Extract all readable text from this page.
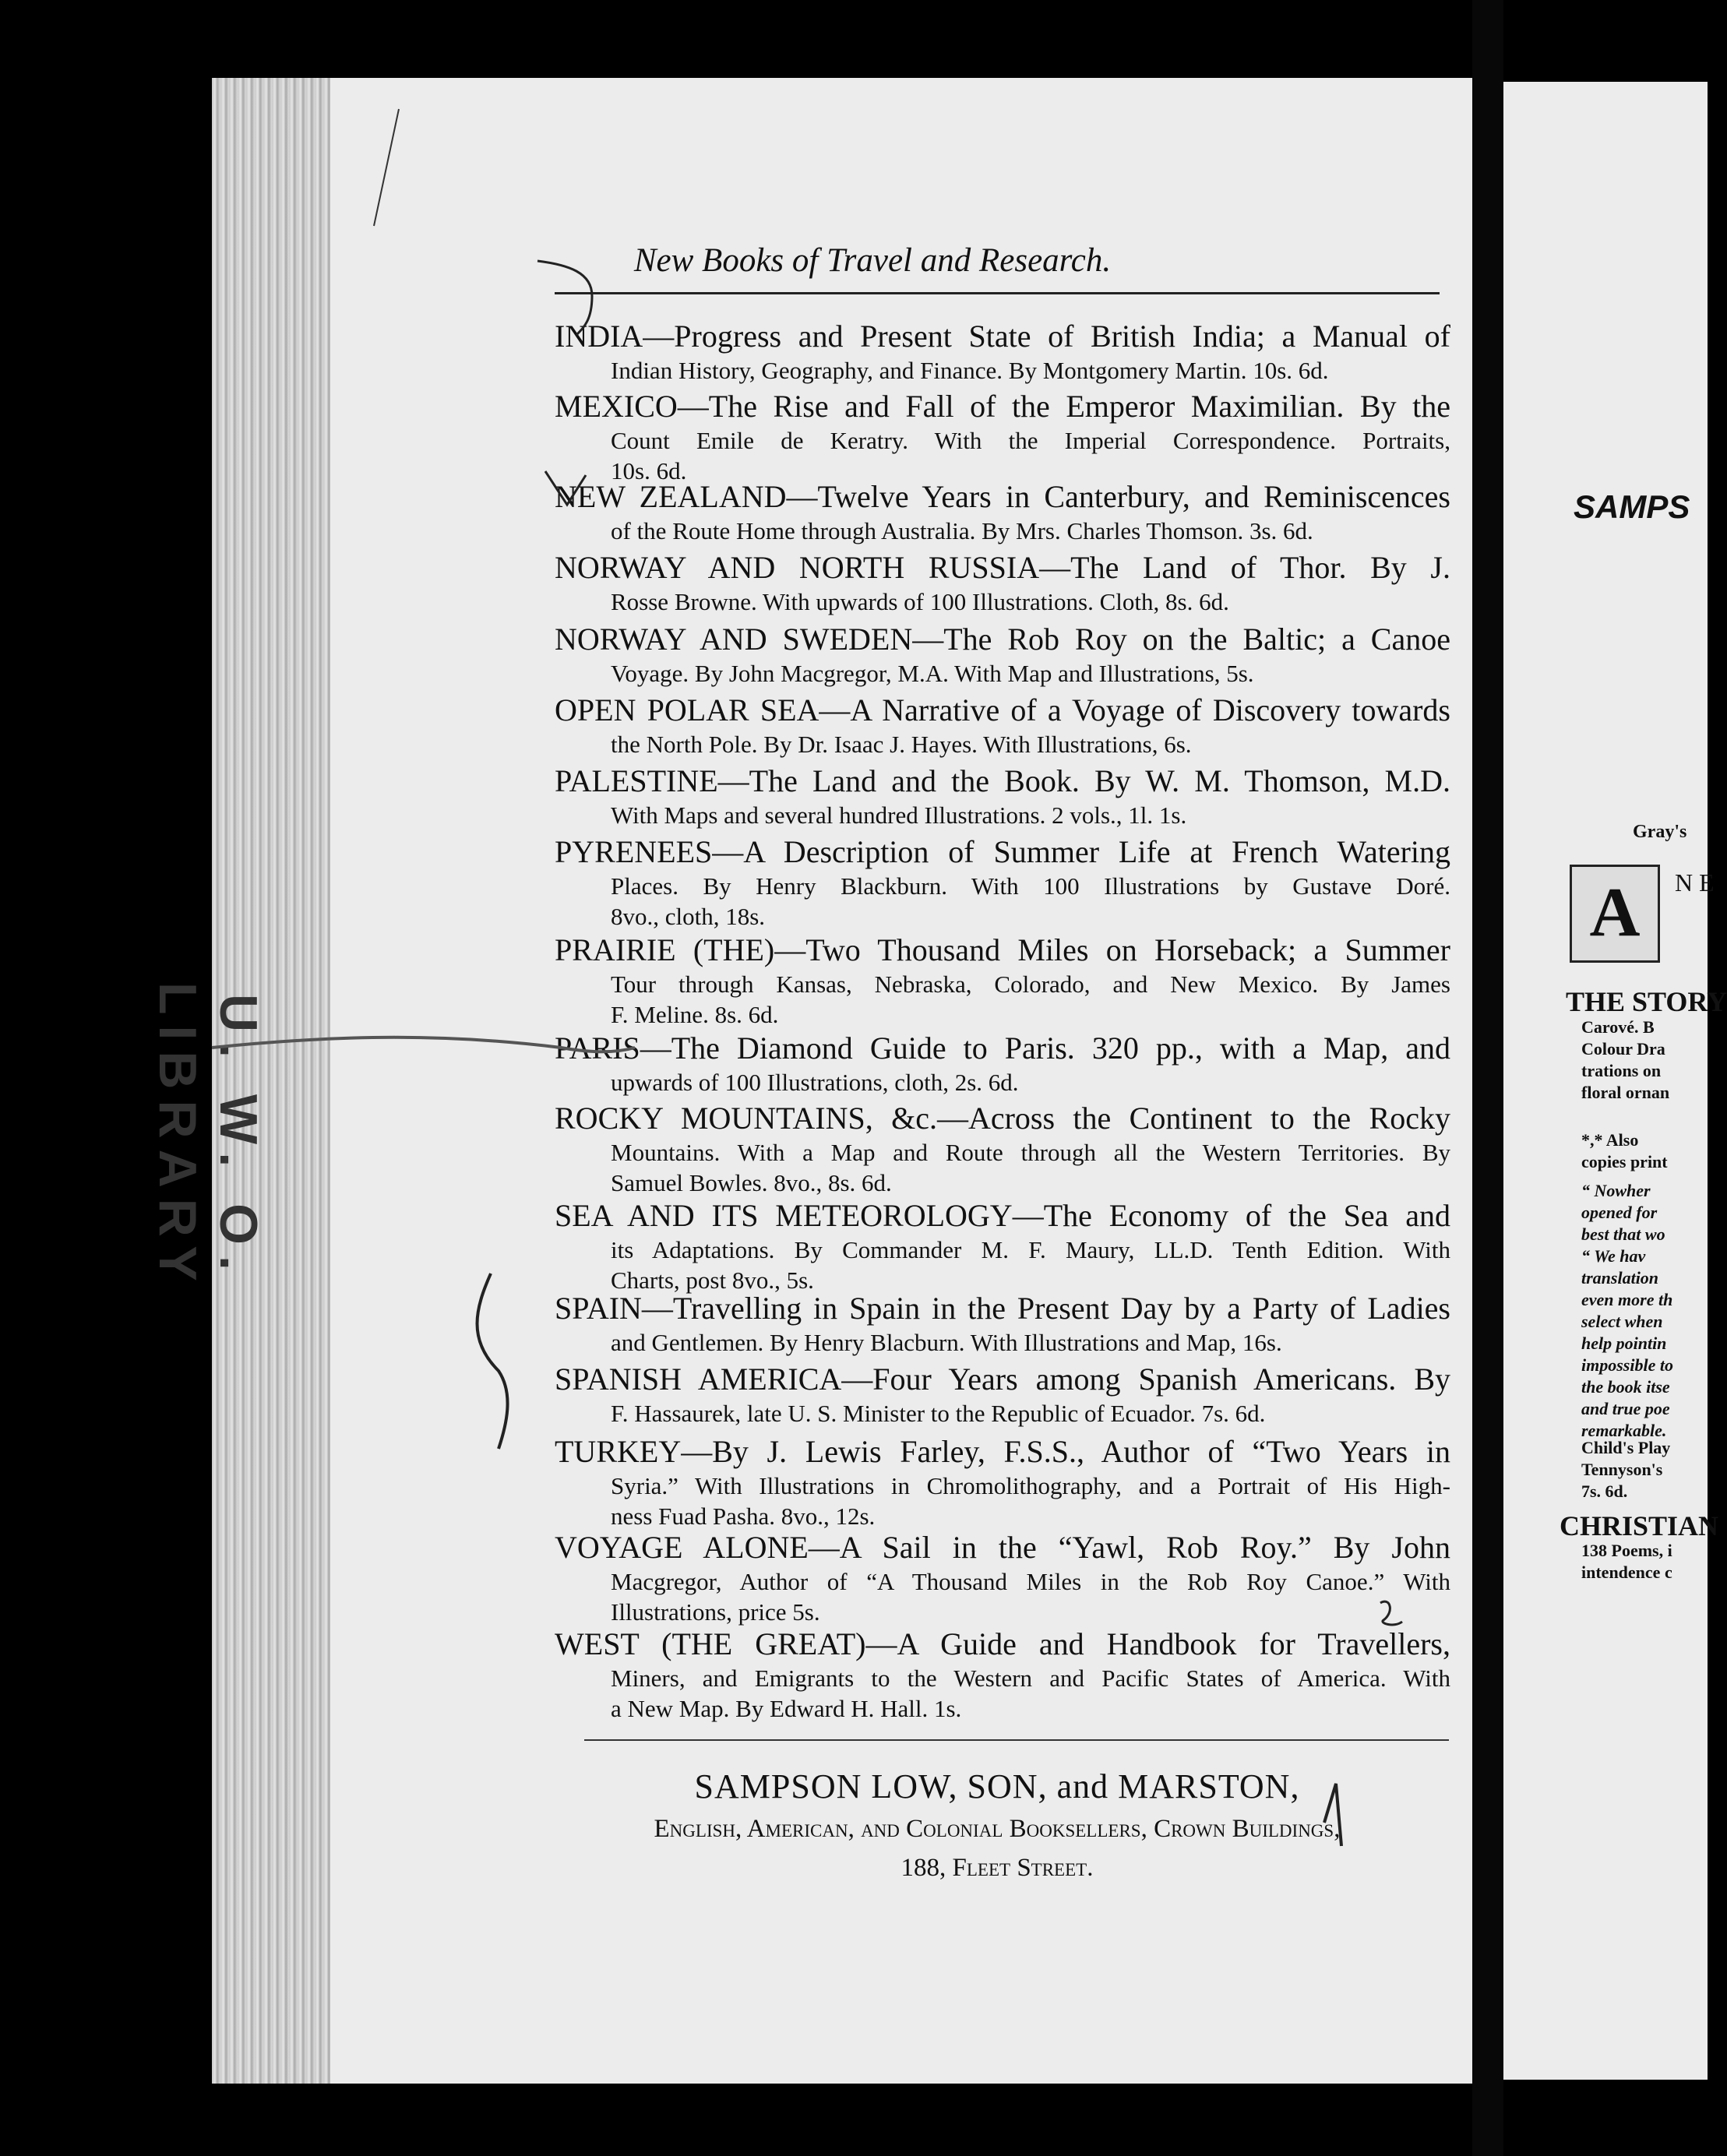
U. W. O. LIBRARY
New Books of Travel and Research.
INDIA—Progress and Present State of British India; a Manual of
Indian History, Geography, and Finance. By Montgomery Martin. 10s. 6d.
MEXICO—The Rise and Fall of the Emperor Maximilian. By the
Count Emile de Keratry. With the Imperial Correspondence. Portraits,
10s. 6d.
NEW ZEALAND—Twelve Years in Canterbury, and Reminiscences
of the Route Home through Australia. By Mrs. Charles Thomson. 3s. 6d.
NORWAY AND NORTH RUSSIA—The Land of Thor. By J.
Rosse Browne. With upwards of 100 Illustrations. Cloth, 8s. 6d.
NORWAY AND SWEDEN—The Rob Roy on the Baltic; a Canoe
Voyage. By John Macgregor, M.A. With Map and Illustrations, 5s.
OPEN POLAR SEA—A Narrative of a Voyage of Discovery towards
the North Pole. By Dr. Isaac J. Hayes. With Illustrations, 6s.
PALESTINE—The Land and the Book. By W. M. Thomson, M.D.
With Maps and several hundred Illustrations. 2 vols., 1l. 1s.
PYRENEES—A Description of Summer Life at French Watering
Places. By Henry Blackburn. With 100 Illustrations by Gustave Doré.
8vo., cloth, 18s.
PRAIRIE (THE)—Two Thousand Miles on Horseback; a Summer
Tour through Kansas, Nebraska, Colorado, and New Mexico. By James
F. Meline. 8s. 6d.
PARIS—The Diamond Guide to Paris. 320 pp., with a Map, and
upwards of 100 Illustrations, cloth, 2s. 6d.
ROCKY MOUNTAINS, &c.—Across the Continent to the Rocky
Mountains. With a Map and Route through all the Western Territories. By
Samuel Bowles. 8vo., 8s. 6d.
SEA AND ITS METEOROLOGY—The Economy of the Sea and
its Adaptations. By Commander M. F. Maury, LL.D. Tenth Edition. With
Charts, post 8vo., 5s.
SPAIN—Travelling in Spain in the Present Day by a Party of Ladies
and Gentlemen. By Henry Blacburn. With Illustrations and Map, 16s.
SPANISH AMERICA—Four Years among Spanish Americans. By
F. Hassaurek, late U. S. Minister to the Republic of Ecuador. 7s. 6d.
TURKEY—By J. Lewis Farley, F.S.S., Author of “Two Years in
Syria.” With Illustrations in Chromolithography, and a Portrait of His High-
ness Fuad Pasha. 8vo., 12s.
VOYAGE ALONE—A Sail in the “Yawl, Rob Roy.” By John
Macgregor, Author of “A Thousand Miles in the Rob Roy Canoe.” With
Illustrations, price 5s.
WEST (THE GREAT)—A Guide and Handbook for Travellers,
Miners, and Emigrants to the Western and Pacific States of America. With
a New Map. By Edward H. Hall. 1s.
SAMPSON LOW, SON, and MARSTON,
English, American, and Colonial Booksellers, Crown Buildings,
188, Fleet Street.
SAMPS
Gray's
A	N E
THE STORY
Carové. B
Colour Dra
trations on
floral ornan
*,* Also
copies print
“ Nowher
opened for
best that wo
“ We hav
translation
even more th
select when
help pointin
impossible to
the book itse
and true poe
remarkable.
Child's Play
Tennyson's
7s. 6d.
CHRISTIAN
138 Poems, i
intendence c
